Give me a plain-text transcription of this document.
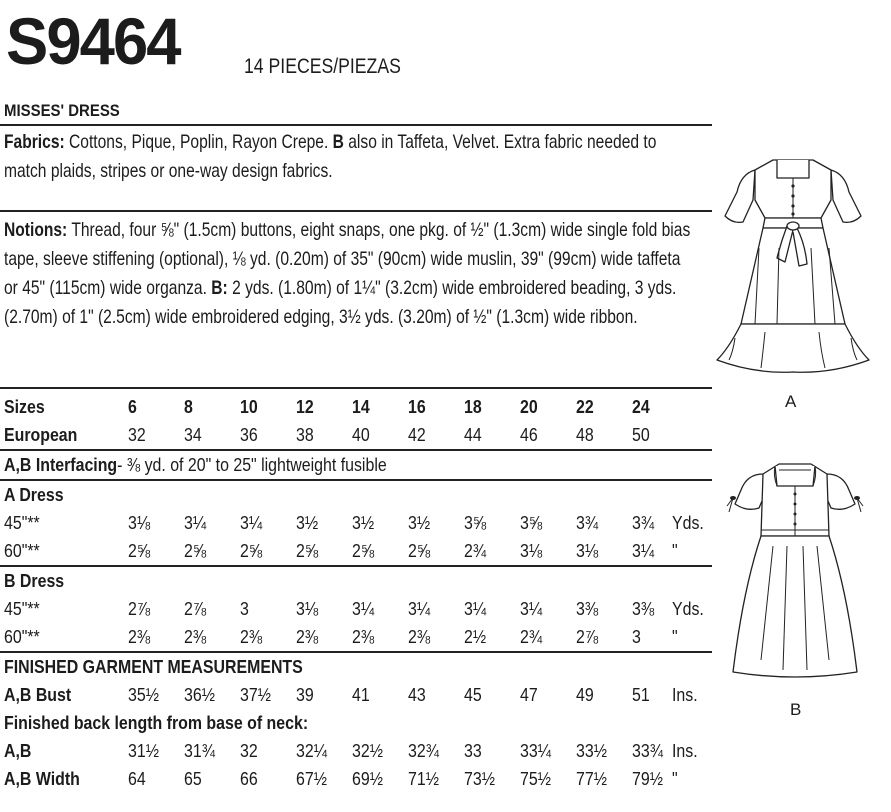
S9464	14 PIECES/PIEZAS
MISSES' DRESS
Fabrics: Cottons, Pique, Poplin, Rayon Crepe. B also in Taffeta, Velvet. Extra fabric needed to match plaids, stripes or one-way design fabrics.
Notions: Thread, four ⅝" (1.5cm) buttons, eight snaps, one pkg. of ½" (1.3cm) wide single fold bias tape, sleeve stiffening (optional), ⅛ yd. (0.20m) of 35" (90cm) wide muslin, 39" (99cm) wide taffeta or 45" (115cm) wide organza. B: 2 yds. (1.80m) of 1¼" (3.2cm) wide embroidered beading, 3 yds. (2.70m) of 1" (2.5cm) wide embroidered edging, 3½ yds. (3.20m) of ½" (1.3cm) wide ribbon.
Sizes	6	8	10	12	14	16	18	20	22	24	
European	32	34	36	38	40	42	44	46	48	50	
A,B Interfacing- ⅜ yd. of 20" to 25" lightweight fusible											
A Dress											
45"**	3⅛	3¼	3¼	3½	3½	3½	3⅝	3⅝	3¾	3¾	Yds.
60"**	2⅝	2⅝	2⅝	2⅝	2⅝	2⅝	2¾	3⅛	3⅛	3¼	"
B Dress											
45"**	2⅞	2⅞	3	3⅛	3¼	3¼	3¼	3¼	3⅜	3⅜	Yds.
60"**	2⅜	2⅜	2⅜	2⅜	2⅜	2⅜	2½	2¾	2⅞	3	"
FINISHED GARMENT MEASUREMENTS											
A,B Bust	35½	36½	37½	39	41	43	45	47	49	51	Ins.
Finished back length from base of neck:											
A,B	31½	31¾	32	32¼	32½	32¾	33	33¼	33½	33¾	Ins.
A,B Width	64	65	66	67½	69½	71½	73½	75½	77½	79½	"
A
B
